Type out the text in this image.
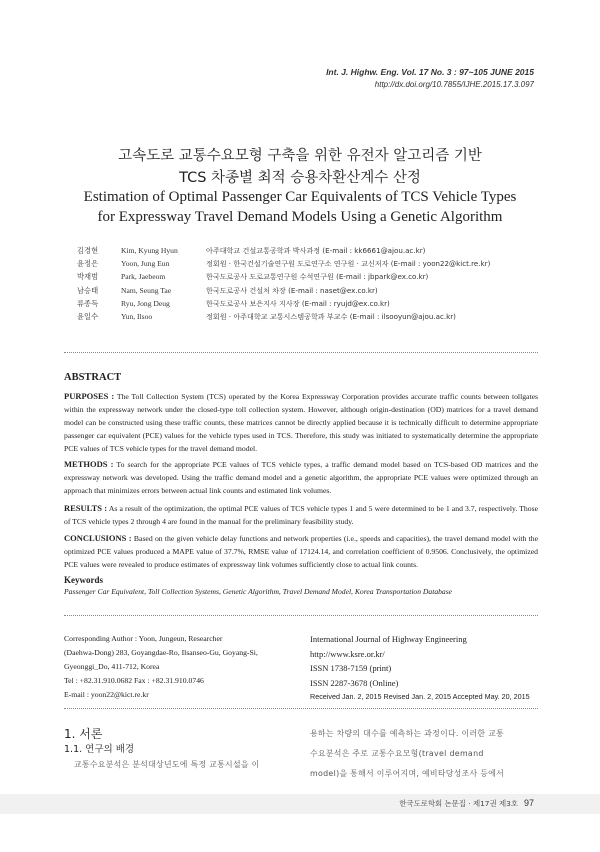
Int. J. Highw. Eng. Vol. 17 No. 3 : 97~105 JUNE 2015
http://dx.doi.org/10.7855/IJHE.2015.17.3.097
고속도로 교통수요모형 구축을 위한 유전자 알고리즘 기반
TCS 차종별 최적 승용차환산계수 산정
Estimation of Optimal Passenger Car Equivalents of TCS Vehicle Types
for Expressway Travel Demand Models Using a Genetic Algorithm
김경현	Kim, Kyung Hyun	아주대학교 건설교통공학과 박사과정 (E-mail : kk6661@ajou.ac.kr)
윤정은	Yoon, Jung Eun	정회원 · 한국건설기술연구원 도로연구소 연구원 · 교신저자 (E-mail : yoon22@kict.re.kr)
박재범	Park, Jaebeom	한국도로공사 도로교통연구원 수석연구원 (E-mail : jbpark@ex.co.kr)
남승태	Nam, Seung Tae	한국도로공사 건설처 차장 (E-mail : naset@ex.co.kr)
류종득	Ryu, Jong Deug	한국도로공사 보은지사 지사장 (E-mail : ryujd@ex.co.kr)
윤일수	Yun, Ilsoo	정회원 · 아주대학교 교통시스템공학과 부교수 (E-mail : ilsooyun@ajou.ac.kr)
ABSTRACT
PURPOSES : The Toll Collection System (TCS) operated by the Korea Expressway Corporation provides accurate traffic counts between tollgates within the expressway network under the closed-type toll collection system. However, although origin-destination (OD) matrices for a travel demand model can be constructed using these traffic counts, these matrices cannot be directly applied because it is technically difficult to determine appropriate passenger car equivalent (PCE) values for the vehicle types used in TCS. Therefore, this study was initiated to systematically determine the appropriate PCE values of TCS vehicle types for the travel demand model.
METHODS : To search for the appropriate PCE values of TCS vehicle types, a traffic demand model based on TCS-based OD matrices and the expressway network was developed. Using the traffic demand model and a genetic algorithm, the appropriate PCE values were optimized through an approach that minimizes errors between actual link counts and estimated link volumes.
RESULTS : As a result of the optimization, the optimal PCE values of TCS vehicle types 1 and 5 were determined to be 1 and 3.7, respectively. Those of TCS vehicle types 2 through 4 are found in the manual for the preliminary feasibility study.
CONCLUSIONS : Based on the given vehicle delay functions and network properties (i.e., speeds and capacities), the travel demand model with the optimized PCE values produced a MAPE value of 37.7%, RMSE value of 17124.14, and correlation coefficient of 0.9506. Conclusively, the optimized PCE values were revealed to produce estimates of expressway link volumes sufficiently close to actual link counts.
Keywords
Passenger Car Equivalent, Toll Collection Systems, Genetic Algorithm, Travel Demand Model, Korea Transportation Database
Corresponding Author : Yoon, Jungeun, Researcher
(Daehwa-Dong) 283, Goyangdae-Ro, Ilsanseo-Gu, Goyang-Si,
Gyeonggi_Do, 411-712, Korea
Tel : +82.31.910.0682 Fax : +82.31.910.0746
E-mail : yoon22@kict.re.kr
International Journal of Highway Engineering
http://www.ksre.or.kr/
ISSN 1738-7159 (print)
ISSN 2287-3678 (Online)
Received Jan. 2, 2015 Revised Jan. 2, 2015 Accepted May. 20, 2015
1. 서론
1.1. 연구의 배경
교통수요분석은 분석대상년도에 특정 교통시설을 이
용하는 차량의 대수를 예측하는 과정이다. 이러한 교통
수요분석은 주로 교통수요모형(travel demand
model)을 통해서 이루어지며, 예비타당성조사 등에서
한국도로학회 논문집 · 제17권 제3호 97
